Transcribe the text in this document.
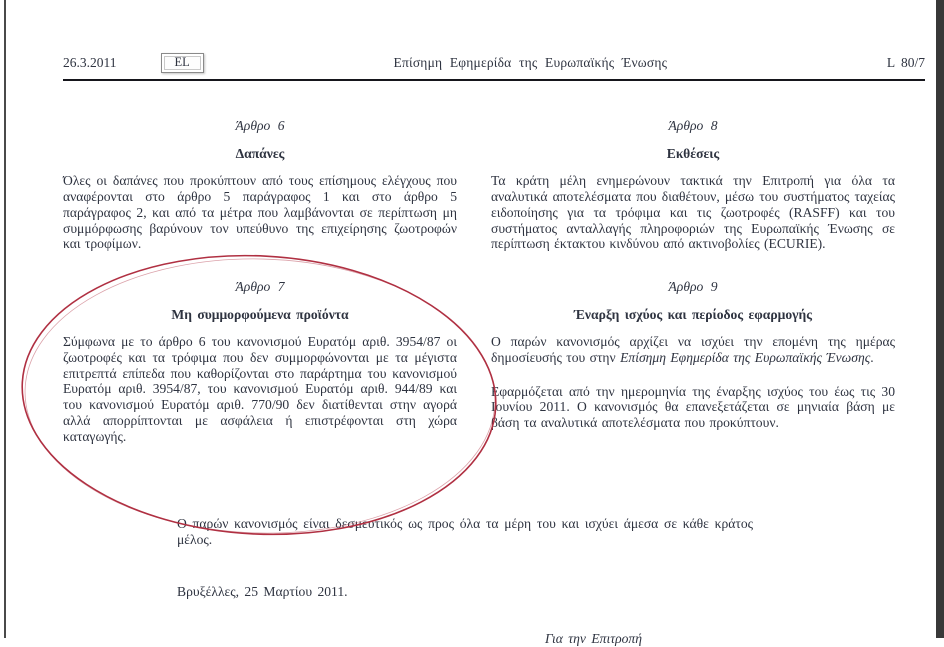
26.3.2011	EL	Επίσημη Εφημερίδα της Ευρωπαϊκής Ένωσης	L 80/7
Άρθρο 6
Δαπάνες

Όλες οι δαπάνες που προκύπτουν από τους επίσημους ελέγχους που αναφέρονται στο άρθρο 5 παράγραφος 1 και στο άρθρο 5 παράγραφος 2, και από τα μέτρα που λαμβάνονται σε περίπτωση μη συμμόρφωσης βαρύνουν τον υπεύθυνο της επιχείρησης ζωοτροφών και τροφίμων.

Άρθρο 7
Μη συμμορφούμενα προϊόντα

Σύμφωνα με το άρθρο 6 του κανονισμού Ευρατόμ αριθ. 3954/87 οι ζωοτροφές και τα τρόφιμα που δεν συμμορφώνονται με τα μέγιστα επιτρεπτά επίπεδα που καθορίζονται στο παράρτημα του κανονισμού Ευρατόμ αριθ. 3954/87, του κανονισμού Ευρατόμ αριθ. 944/89 και του κανονισμού Ευρατόμ αριθ. 770/90 δεν διατίθενται στην αγορά αλλά απορρίπτονται με ασφάλεια ή επιστρέφονται στη χώρα καταγωγής.

Άρθρο 8
Εκθέσεις

Τα κράτη μέλη ενημερώνουν τακτικά την Επιτροπή για όλα τα αναλυτικά αποτελέσματα που διαθέτουν, μέσω του συστήματος ταχείας ειδοποίησης για τα τρόφιμα και τις ζωοτροφές (RASFF) και του συστήματος ανταλλαγής πληροφοριών της Ευρωπαϊκής Ένωσης σε περίπτωση έκτακτου κινδύνου από ακτινοβολίες (ECURIE).

Άρθρο 9
Έναρξη ισχύος και περίοδος εφαρμογής

Ο παρών κανονισμός αρχίζει να ισχύει την επομένη της ημέρας δημοσίευσής του στην Επίσημη Εφημερίδα της Ευρωπαϊκής Ένωσης.

Εφαρμόζεται από την ημερομηνία της έναρξης ισχύος του έως τις 30 Ιουνίου 2011. Ο κανονισμός θα επανεξετάζεται σε μηνιαία βάση με βάση τα αναλυτικά αποτελέσματα που προκύπτουν.

Ο παρών κανονισμός είναι δεσμευτικός ως προς όλα τα μέρη του και ισχύει άμεσα σε κάθε κράτος μέλος.

Βρυξέλλες, 25 Μαρτίου 2011.

Για την Επιτροπή
